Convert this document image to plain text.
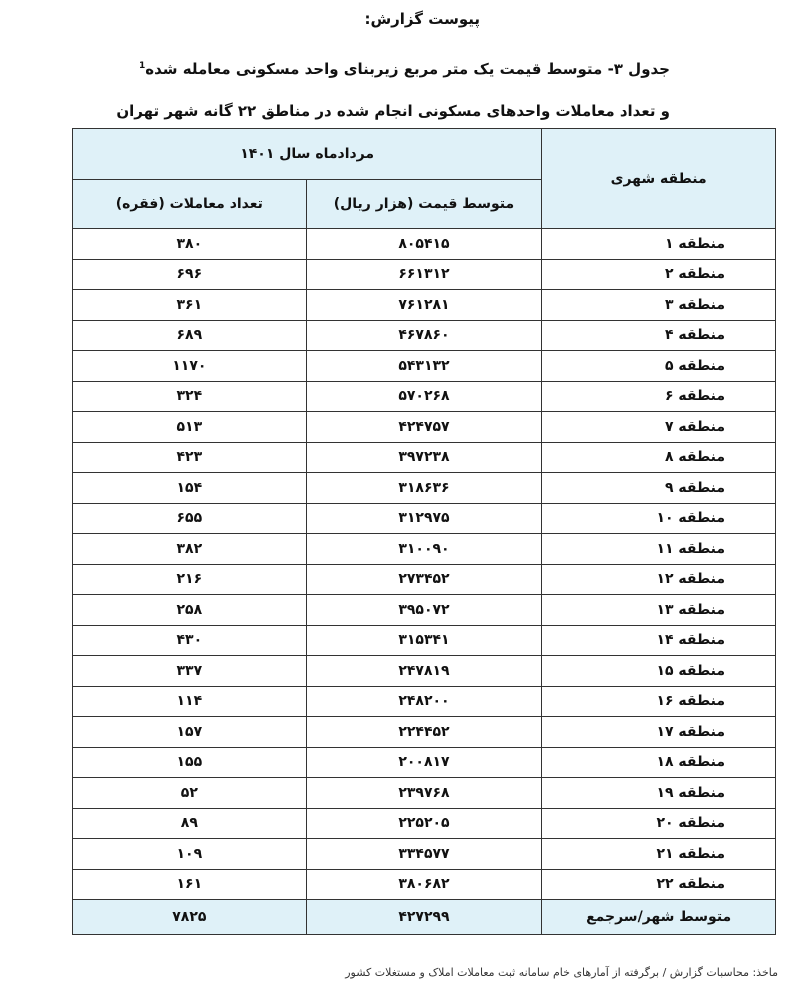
پیوست گزارش:
جدول ۳- متوسط قیمت یک متر مربع زیربنای واحد مسکونی معامله شده$^1$
و تعداد معاملات واحدهای مسکونی انجام شده در مناطق ۲۲ گانه شهر تهران
منطقه شهری	مردادماه سال ۱۴۰۱	
	متوسط قیمت (هزار ریال)	تعداد معاملات (فقره)
منطقه ۱	۸۰۵۴۱۵	۳۸۰
منطقه ۲	۶۶۱۳۱۲	۶۹۶
منطقه ۳	۷۶۱۲۸۱	۳۶۱
منطقه ۴	۴۶۷۸۶۰	۶۸۹
منطقه ۵	۵۴۳۱۳۲	۱۱۷۰
منطقه ۶	۵۷۰۲۶۸	۳۲۴
منطقه ۷	۴۲۴۷۵۷	۵۱۳
منطقه ۸	۳۹۷۲۳۸	۴۲۳
منطقه ۹	۳۱۸۶۳۶	۱۵۴
منطقه ۱۰	۳۱۲۹۷۵	۶۵۵
منطقه ۱۱	۳۱۰۰۹۰	۳۸۲
منطقه ۱۲	۲۷۳۴۵۲	۲۱۶
منطقه ۱۳	۳۹۵۰۷۲	۲۵۸
منطقه ۱۴	۳۱۵۳۴۱	۴۳۰
منطقه ۱۵	۲۴۷۸۱۹	۳۳۷
منطقه ۱۶	۲۴۸۲۰۰	۱۱۴
منطقه ۱۷	۲۲۴۴۵۲	۱۵۷
منطقه ۱۸	۲۰۰۸۱۷	۱۵۵
منطقه ۱۹	۲۳۹۷۶۸	۵۲
منطقه ۲۰	۲۲۵۲۰۵	۸۹
منطقه ۲۱	۳۳۴۵۷۷	۱۰۹
منطقه ۲۲	۳۸۰۶۸۲	۱۶۱
متوسط شهر/سرجمع	۴۲۷۲۹۹	۷۸۲۵
ماخذ: محاسبات گزارش / برگرفته از آمارهای خام سامانه ثبت معاملات املاک و مستغلات کشور
